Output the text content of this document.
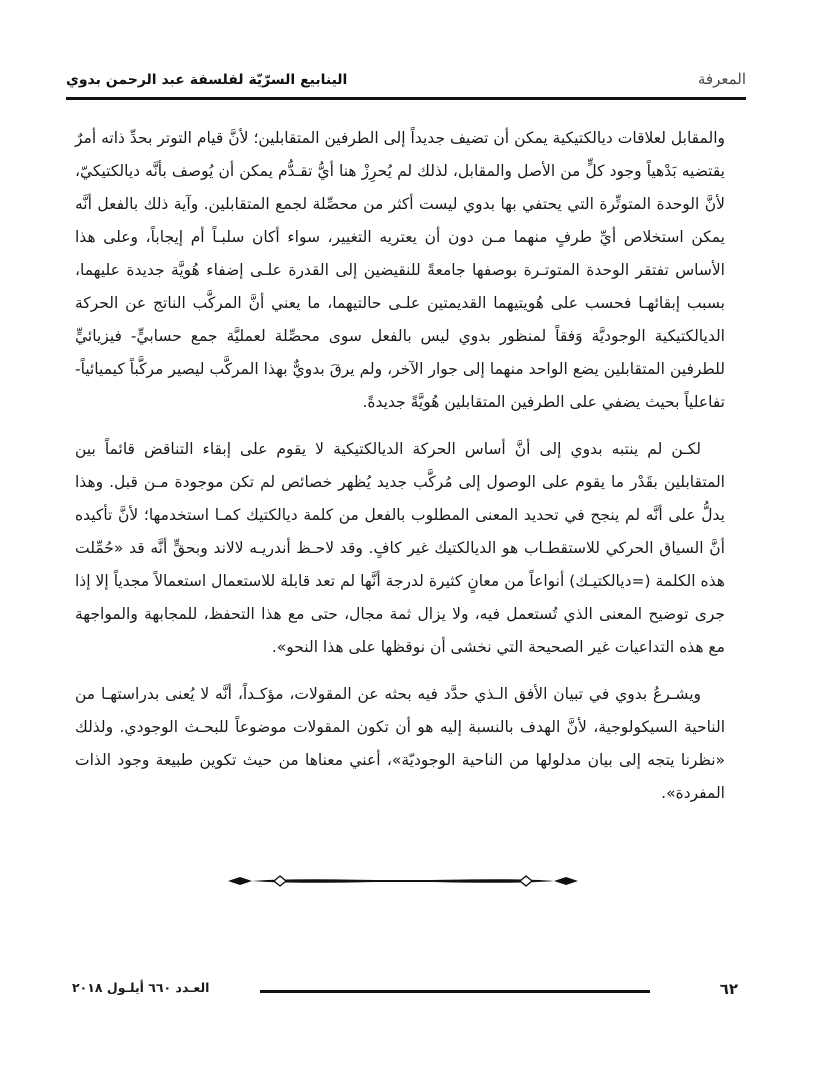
المعرفة
الينابيع السرّيّة لفلسفة عبد الرحمن بدوي

والمقابل لعلاقات ديالكتيكية يمكن أن تضيف جديداً إلى الطرفين المتقابلين؛ لأنَّ قيام التوتر بحدِّ ذاته أمرٌ يقتضيه بَدْهياً وجود كلٍّ من الأصل والمقابل، لذلك لم يُحرِزْ هنا أيُّ تقـدُّم يمكن أن يُوصف بأنَّه ديالكتيكيّ، لأنَّ الوحدة المتوتِّرة التي يحتفي بها بدوي ليست أكثر من محصِّلة لجمع المتقابلين. وآية ذلك بالفعل أنَّه يمكن استخلاص أيِّ طرفٍ منهما مـن دون أن يعتريه التغيير، سواء أكان سلبـاً أم إيجاباً، وعلى هذا الأساس تفتقر الوحدة المتوتـرة بوصفها جامعةً للنقيضين إلى القدرة علـى إضفاء هُويَّة جديدة عليهما، بسبب إبقائهـا فحسب على هُويتيهما القديمتين علـى حالتيهما، ما يعني أنَّ المركَّب الناتج عن الحركة الديالكتيكية الوجوديَّة وَفقاً لمنظور بدوي ليس بالفعل سوى محصِّلة لعمليَّة جمع حسابيٍّ- فيزيائيٍّ للطرفين المتقابلين يضع الواحد منهما إلى جوار الآخر، ولم يرقَ بدويٌّ بهذا المركَّب ليصير مركَّباً كيميائياً- تفاعلياً بحيث يضفي على الطرفين المتقابلين هُويَّةً جديدةً.

لكـن لم ينتبه بدوي إلى أنَّ أساس الحركة الديالكتيكية لا يقوم على إبقاء التناقض قائماً بين المتقابلين بقَدْر ما يقوم على الوصول إلى مُركَّب جديد يُظهر خصائص لم تكن موجودة مـن قبل. وهذا يدلُّ على أنَّه لم ينجح في تحديد المعنى المطلوب بالفعل من كلمة ديالكتيك كمـا استخدمها؛ لأنَّ تأكيده أنَّ السياق الحركي للاستقطـاب هو الديالكتيك غير كافٍ. وقد لاحـظ أندريـه لالاند وبحقٍّ أنَّه قد «حُمِّلت هذه الكلمة (=ديالكتيـك) أنواعاً من معانٍ كثيرة لدرجة أنَّها لم تعد قابلة للاستعمال استعمالاً مجدياً إلا إذا جرى توضيح المعنى الذي تُستعمل فيه، ولا يزال ثمة مجال، حتى مع هذا التحفظ، للمجابهة والمواجهة مع هذه التداعيات غير الصحيحة التي نخشى أن نوقظها على هذا النحو».

ويشـرعُ بدوي في تبيان الأفق الـذي حدَّد فيه بحثه عن المقولات، مؤكـداً، أنَّه لا يُعنى بدراستهـا من الناحية السيكولوجية، لأنَّ الهدف بالنسبة إليه هو أن تكون المقولات موضوعاً للبحـث الوجودي. ولذلك «نظرنا يتجه إلى بيان مدلولها من الناحية الوجوديّة»، أعني معناها من حيث تكوين طبيعة وجود الذات المفردة».

٦٢
العـدد ٦٦٠ أيلـول ٢٠١٨
